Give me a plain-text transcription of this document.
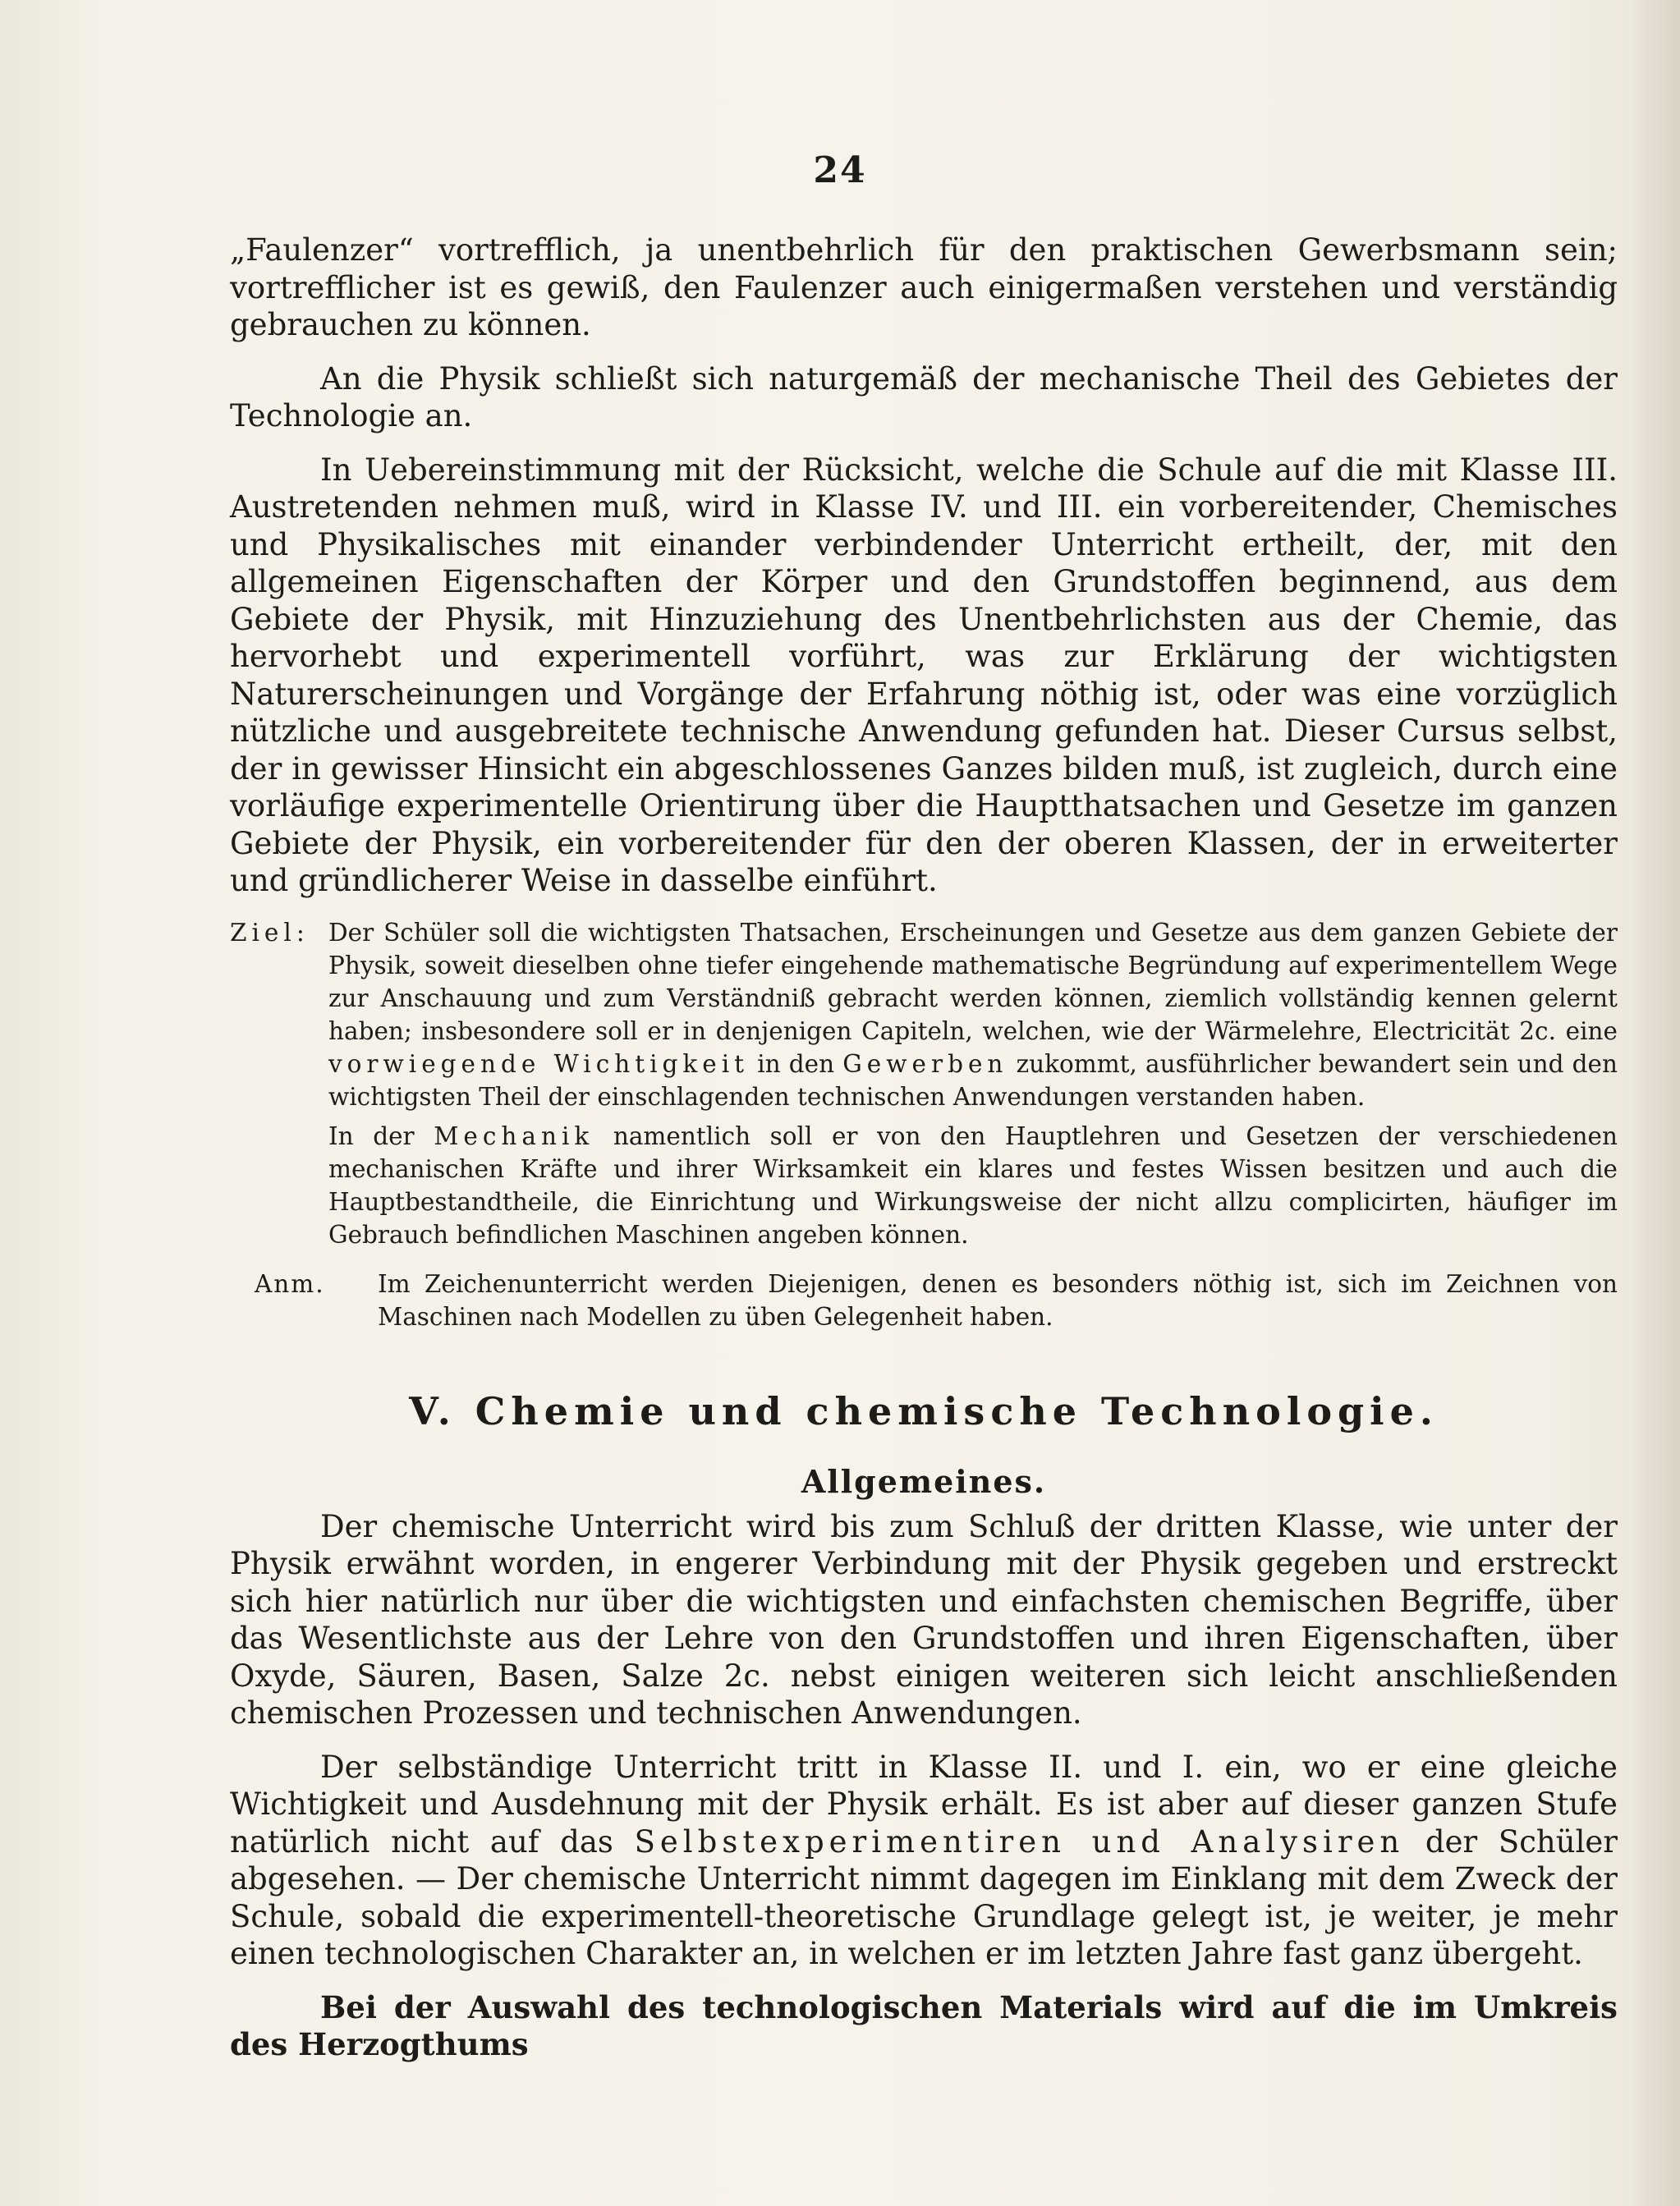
24

„Faulenzer“ vortrefflich, ja unentbehrlich für den praktischen Gewerbsmann sein; vortrefflicher ist es gewiß, den Faulenzer auch einigermaßen verstehen und verständig gebrauchen zu können.

An die Physik schließt sich naturgemäß der mechanische Theil des Gebietes der Technologie an.

In Uebereinstimmung mit der Rücksicht, welche die Schule auf die mit Klasse III. Austretenden nehmen muß, wird in Klasse IV. und III. ein vorbereitender, Chemisches und Physikalisches mit einander verbindender Unterricht ertheilt, der, mit den allgemeinen Eigenschaften der Körper und den Grundstoffen beginnend, aus dem Gebiete der Physik, mit Hinzuziehung des Unentbehrlichsten aus der Chemie, das hervorhebt und experimentell vorführt, was zur Erklärung der wichtigsten Naturerscheinungen und Vorgänge der Erfahrung nöthig ist, oder was eine vorzüglich nützliche und ausgebreitete technische Anwendung gefunden hat. Dieser Cursus selbst, der in gewisser Hinsicht ein abgeschlossenes Ganzes bilden muß, ist zugleich, durch eine vorläufige experimentelle Orientirung über die Hauptthatsachen und Gesetze im ganzen Gebiete der Physik, ein vorbereitender für den der oberen Klassen, der in erweiterter und gründlicherer Weise in dasselbe einführt.

Ziel: Der Schüler soll die wichtigsten Thatsachen, Erscheinungen und Gesetze aus dem ganzen Gebiete der Physik, soweit dieselben ohne tiefer eingehende mathematische Begründung auf experimentellem Wege zur Anschauung und zum Verständniß gebracht werden können, ziemlich vollständig kennen gelernt haben; insbesondere soll er in denjenigen Capiteln, welchen, wie der Wärmelehre, Electricität 2c. eine vorwiegende Wichtigkeit in den Gewerben zukommt, ausführlicher bewandert sein und den wichtigsten Theil der einschlagenden technischen Anwendungen verstanden haben.

In der Mechanik namentlich soll er von den Hauptlehren und Gesetzen der verschiedenen mechanischen Kräfte und ihrer Wirksamkeit ein klares und festes Wissen besitzen und auch die Hauptbestandtheile, die Einrichtung und Wirkungsweise der nicht allzu complicirten, häufiger im Gebrauch befindlichen Maschinen angeben können.

Anm.	Im Zeichenunterricht werden Diejenigen, denen es besonders nöthig ist, sich im Zeichnen von Maschinen nach Modellen zu üben Gelegenheit haben.

V. Chemie und chemische Technologie.
Allgemeines.

Der chemische Unterricht wird bis zum Schluß der dritten Klasse, wie unter der Physik erwähnt worden, in engerer Verbindung mit der Physik gegeben und erstreckt sich hier natürlich nur über die wichtigsten und einfachsten chemischen Begriffe, über das Wesentlichste aus der Lehre von den Grundstoffen und ihren Eigenschaften, über Oxyde, Säuren, Basen, Salze 2c. nebst einigen weiteren sich leicht anschließenden chemischen Prozessen und technischen Anwendungen.

Der selbständige Unterricht tritt in Klasse II. und I. ein, wo er eine gleiche Wichtigkeit und Ausdehnung mit der Physik erhält. Es ist aber auf dieser ganzen Stufe natürlich nicht auf das Selbstexperimentiren und Analysiren der Schüler abgesehen. — Der chemische Unterricht nimmt dagegen im Einklang mit dem Zweck der Schule, sobald die experimentell-theoretische Grundlage gelegt ist, je weiter, je mehr einen technologischen Charakter an, in welchen er im letzten Jahre fast ganz übergeht.

Bei der Auswahl des technologischen Materials wird auf die im Umkreis des Herzogthums
